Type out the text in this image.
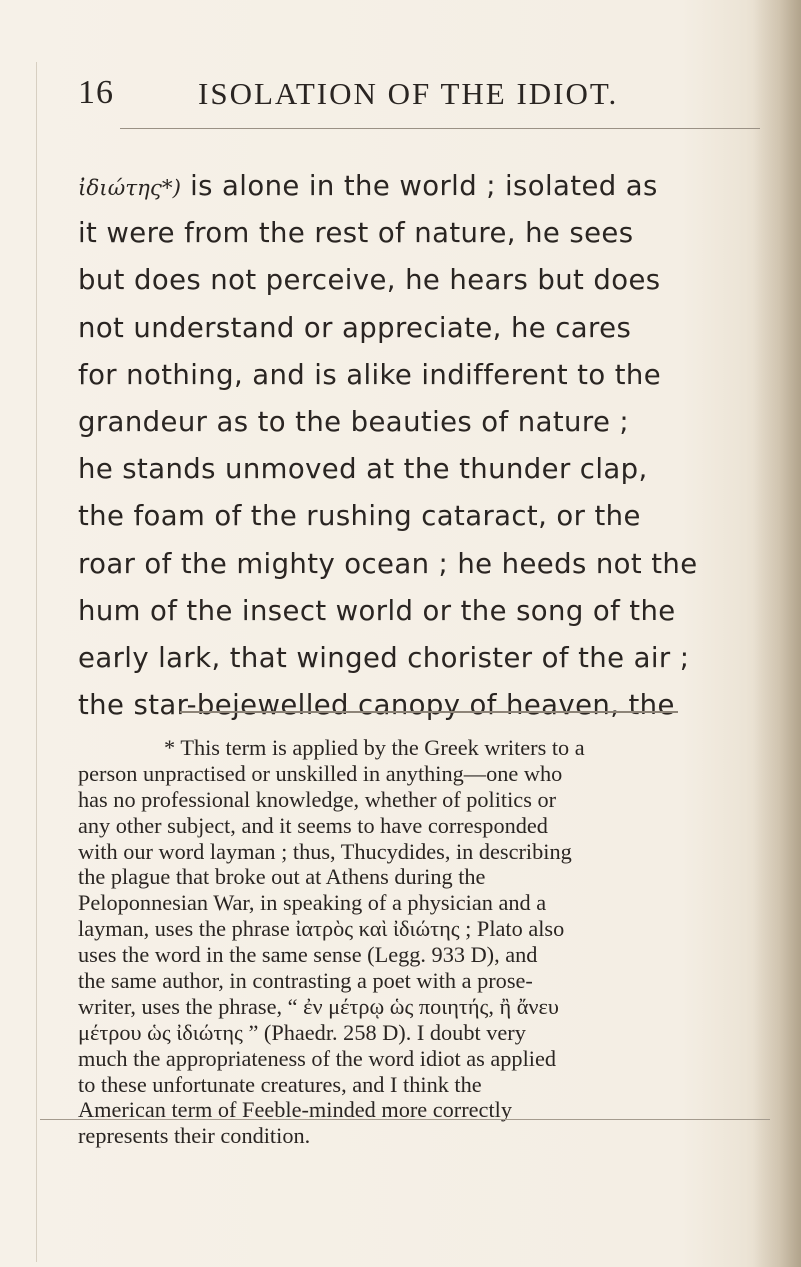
16	ISOLATION OF THE IDIOT.
ἰδιώτης*) is alone in the world ; isolated as
it were from the rest of nature, he sees
but does not perceive, he hears but does
not understand or appreciate, he cares
for nothing, and is alike indifferent to the
grandeur as to the beauties of nature ;
he stands unmoved at the thunder clap,
the foam of the rushing cataract, or the
roar of the mighty ocean ; he heeds not the
hum of the insect world or the song of the
early lark, that winged chorister of the air ;
the star-bejewelled canopy of heaven, the
* This term is applied by the Greek writers to a
person unpractised or unskilled in anything—one who
has no professional knowledge, whether of politics or
any other subject, and it seems to have corresponded
with our word layman ; thus, Thucydides, in describing
the plague that broke out at Athens during the
Peloponnesian War, in speaking of a physician and a
layman, uses the phrase ἰατρὸς καὶ ἰδιώτης ; Plato also
uses the word in the same sense (Legg. 933 D), and
the same author, in contrasting a poet with a prose-
writer, uses the phrase, “ ἐν μέτρῳ ὡς ποιητής, ἢ ἄνευ
μέτρου ὡς ἰδιώτης ” (Phaedr. 258 D). I doubt very
much the appropriateness of the word idiot as applied
to these unfortunate creatures, and I think the
American term of Feeble-minded more correctly
represents their condition.
